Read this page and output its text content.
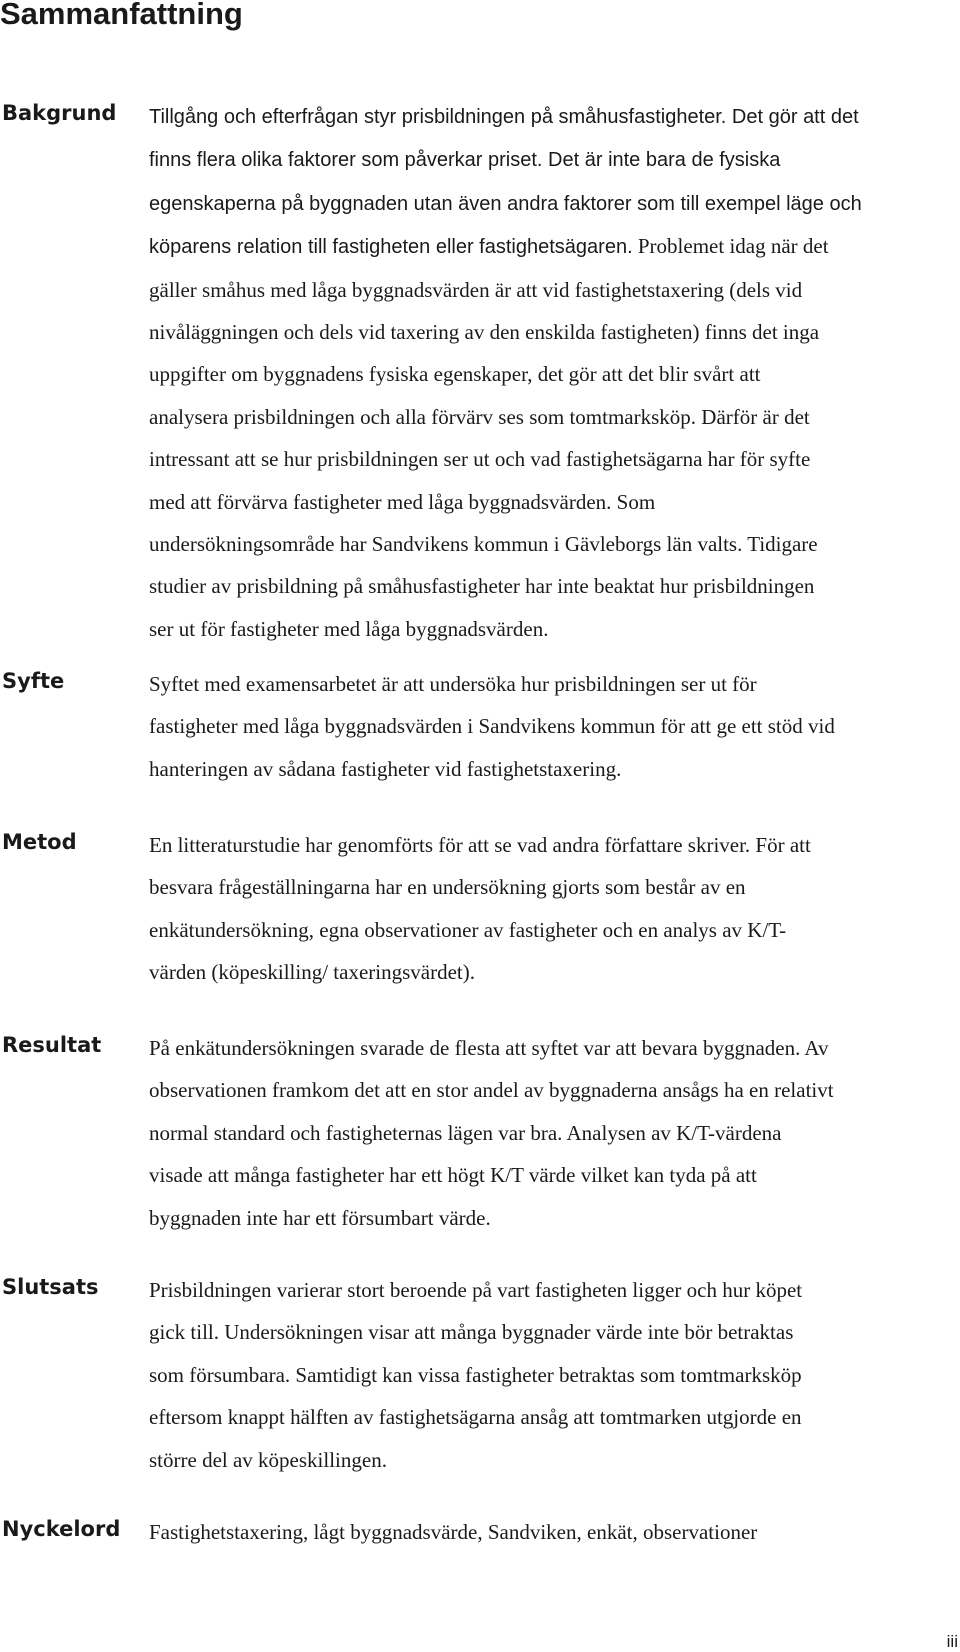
Sammanfattning
Bakgrund Tillgång och efterfrågan styr prisbildningen på småhusfastigheter. Det gör att det
finns flera olika faktorer som påverkar priset. Det är inte bara de fysiska
egenskaperna på byggnaden utan även andra faktorer som till exempel läge och
köparens relation till fastigheten eller fastighetsägaren. Problemet idag när det
gäller småhus med låga byggnadsvärden är att vid fastighetstaxering (dels vid
nivåläggningen och dels vid taxering av den enskilda fastigheten) finns det inga
uppgifter om byggnadens fysiska egenskaper, det gör att det blir svårt att
analysera prisbildningen och alla förvärv ses som tomtmarksköp. Därför är det
intressant att se hur prisbildningen ser ut och vad fastighetsägarna har för syfte
med att förvärva fastigheter med låga byggnadsvärden. Som
undersökningsområde har Sandvikens kommun i Gävleborgs län valts. Tidigare
studier av prisbildning på småhusfastigheter har inte beaktat hur prisbildningen
ser ut för fastigheter med låga byggnadsvärden.
Syfte	Syftet med examensarbetet är att undersöka hur prisbildningen ser ut för
fastigheter med låga byggnadsvärden i Sandvikens kommun för att ge ett stöd vid
hanteringen av sådana fastigheter vid fastighetstaxering.
Metod	En litteraturstudie har genomförts för att se vad andra författare skriver. För att
besvara frågeställningarna har en undersökning gjorts som består av en
enkätundersökning, egna observationer av fastigheter och en analys av K/T-
värden (köpeskilling/ taxeringsvärdet).
Resultat På enkätundersökningen svarade de flesta att syftet var att bevara byggnaden. Av
observationen framkom det att en stor andel av byggnaderna ansågs ha en relativt
normal standard och fastigheternas lägen var bra. Analysen av K/T-värdena
visade att många fastigheter har ett högt K/T värde vilket kan tyda på att
byggnaden inte har ett försumbart värde.
Slutsats Prisbildningen varierar stort beroende på vart fastigheten ligger och hur köpet
gick till. Undersökningen visar att många byggnader värde inte bör betraktas
som försumbara. Samtidigt kan vissa fastigheter betraktas som tomtmarksköp
eftersom knappt hälften av fastighetsägarna ansåg att tomtmarken utgjorde en
större del av köpeskillingen.
Nyckelord Fastighetstaxering, lågt byggnadsvärde, Sandviken, enkät, observationer
iii
